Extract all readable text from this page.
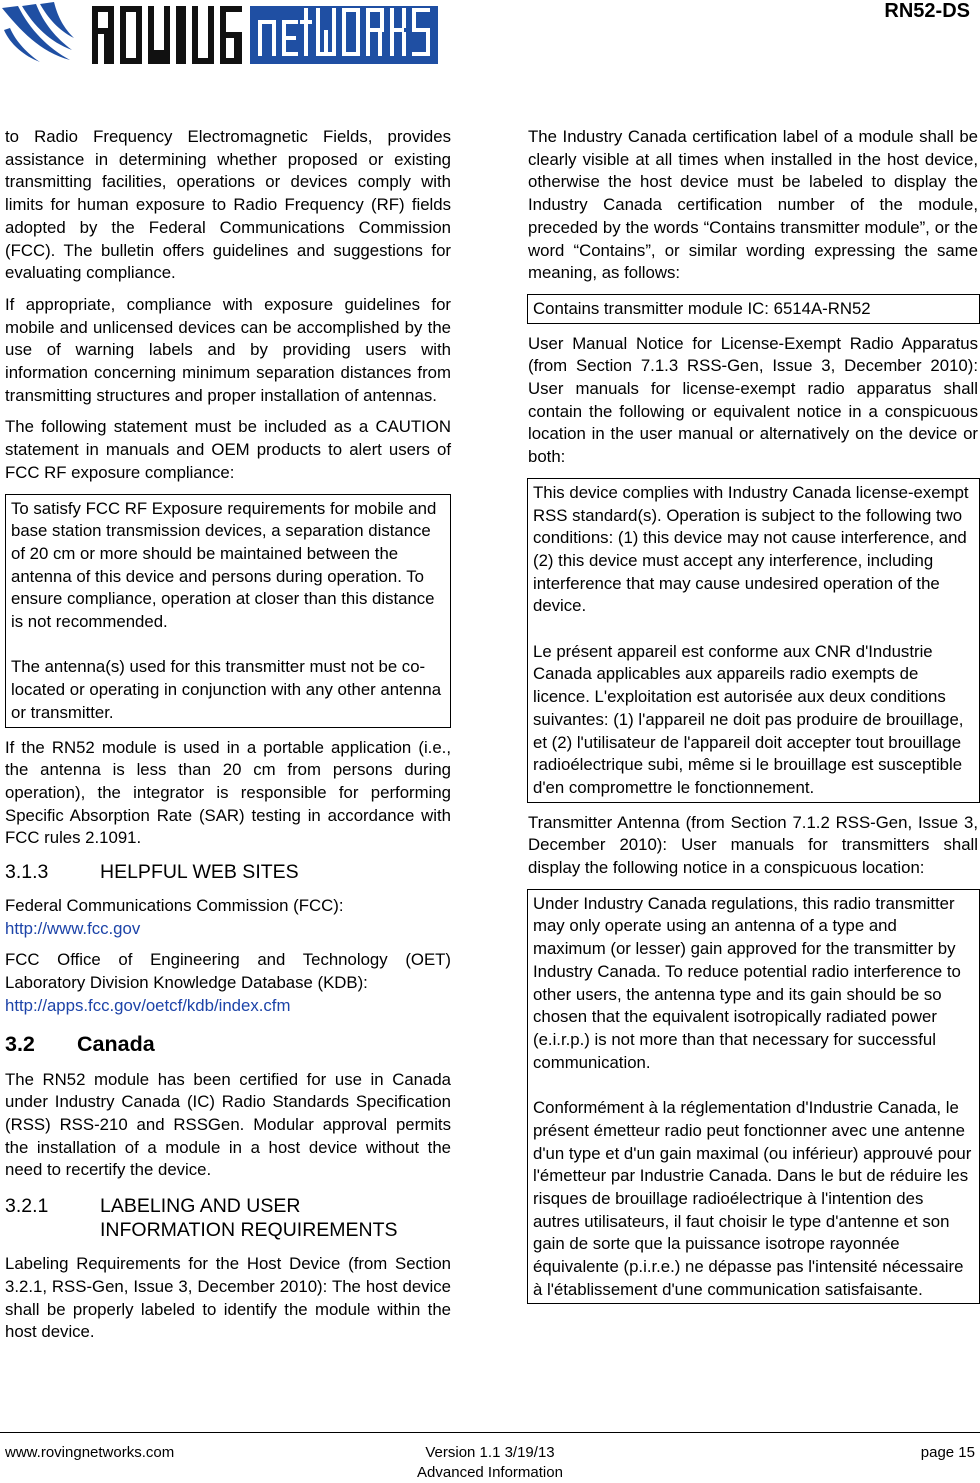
RN52-DS

to Radio Frequency Electromagnetic Fields, provides assistance in determining whether proposed or existing transmitting facilities, operations or devices comply with limits for human exposure to Radio Frequency (RF) fields adopted by the Federal Communications Commission (FCC). The bulletin offers guidelines and suggestions for evaluating compliance.

If appropriate, compliance with exposure guidelines for mobile and unlicensed devices can be accomplished by the use of warning labels and by providing users with information concerning minimum separation distances from transmitting structures and proper installation of antennas.

The following statement must be included as a CAUTION statement in manuals and OEM products to alert users of FCC RF exposure compliance:

To satisfy FCC RF Exposure requirements for mobile and base station transmission devices, a separation distance of 20 cm or more should be maintained between the antenna of this device and persons during operation. To ensure compliance, operation at closer than this distance is not recommended.
The antenna(s) used for this transmitter must not be co-located or operating in conjunction with any other antenna or transmitter.

If the RN52 module is used in a portable application (i.e., the antenna is less than 20 cm from persons during operation), the integrator is responsible for performing Specific Absorption Rate (SAR) testing in accordance with FCC rules 2.1091.

3.1.3	HELPFUL WEB SITES

Federal Communications Commission (FCC):
http://www.fcc.gov

FCC Office of Engineering and Technology (OET) Laboratory Division Knowledge Database (KDB):
http://apps.fcc.gov/oetcf/kdb/index.cfm

3.2	Canada

The RN52 module has been certified for use in Canada under Industry Canada (IC) Radio Standards Specification (RSS) RSS-210 and RSSGen. Modular approval permits the installation of a module in a host device without the need to recertify the device.

3.2.1	LABELING AND USER
INFORMATION REQUIREMENTS

Labeling Requirements for the Host Device (from Section 3.2.1, RSS-Gen, Issue 3, December 2010): The host device shall be properly labeled to identify the module within the host device.

The Industry Canada certification label of a module shall be clearly visible at all times when installed in the host device, otherwise the host device must be labeled to display the Industry Canada certification number of the module, preceded by the words “Contains transmitter module”, or the word “Contains”, or similar wording expressing the same meaning, as follows:

Contains transmitter module IC: 6514A-RN52

User Manual Notice for License-Exempt Radio Apparatus (from Section 7.1.3 RSS-Gen, Issue 3, December 2010): User manuals for license-exempt radio apparatus shall contain the following or equivalent notice in a conspicuous location in the user manual or alternatively on the device or both:

This device complies with Industry Canada license-exempt RSS standard(s). Operation is subject to the following two conditions: (1) this device may not cause interference, and (2) this device must accept any interference, including interference that may cause undesired operation of the device.
Le présent appareil est conforme aux CNR d'Industrie Canada applicables aux appareils radio exempts de licence. L'exploitation est autorisée aux deux conditions suivantes: (1) l'appareil ne doit pas produire de brouillage, et (2) l'utilisateur de l'appareil doit accepter tout brouillage radioélectrique subi, même si le brouillage est susceptible d'en compromettre le fonctionnement.

Transmitter Antenna (from Section 7.1.2 RSS-Gen, Issue 3, December 2010): User manuals for transmitters shall display the following notice in a conspicuous location:

Under Industry Canada regulations, this radio transmitter may only operate using an antenna of a type and maximum (or lesser) gain approved for the transmitter by Industry Canada. To reduce potential radio interference to other users, the antenna type and its gain should be so chosen that the equivalent isotropically radiated power (e.i.r.p.) is not more than that necessary for successful communication.
Conformément à la réglementation d'Industrie Canada, le présent émetteur radio peut fonctionner avec une antenne d'un type et d'un gain maximal (ou inférieur) approuvé pour l'émetteur par Industrie Canada. Dans le but de réduire les risques de brouillage radioélectrique à l'intention des autres utilisateurs, il faut choisir le type d'antenne et son gain de sorte que la puissance isotrope rayonnée équivalente (p.i.r.e.) ne dépasse pas l'intensité nécessaire à l'établissement d'une communication satisfaisante.
www.rovingnetworks.com	Version 1.1 3/19/13
Advanced Information
page 15
